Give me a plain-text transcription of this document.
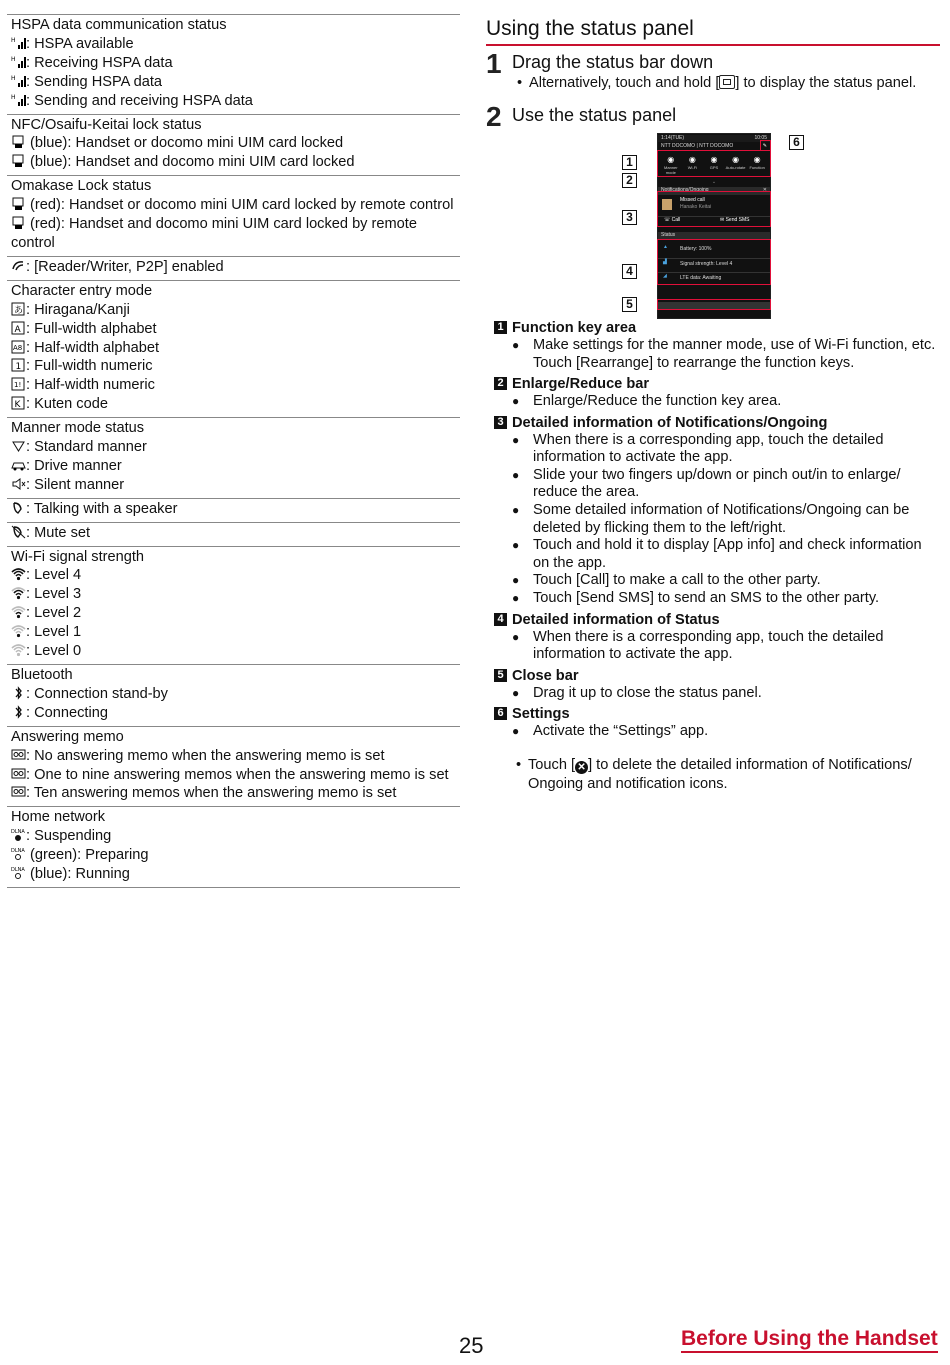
HSPA data communication status
H : HSPA available
H : Receiving HSPA data
H : Sending HSPA data
H : Sending and receiving HSPA data
NFC/Osaifu-Keitai lock status
(blue): Handset or docomo mini UIM card locked
(blue): Handset and docomo mini UIM card locked
Omakase Lock status
(red): Handset or docomo mini UIM card locked by remote control
(red): Handset and docomo mini UIM card locked by remote control
: [Reader/Writer, P2P] enabled
Character entry mode
あ : Hiragana/Kanji
A : Full-width alphabet
A8 : Half-width alphabet
1 : Full-width numeric
1! : Half-width numeric
K : Kuten code
Manner mode status
: Standard manner
: Drive manner
: Silent manner
: Talking with a speaker
: Mute set
Wi-Fi signal strength
: Level 4
: Level 3
: Level 2
: Level 1
: Level 0
Bluetooth
: Connection stand-by
: Connecting
Answering memo
: No answering memo when the answering memo is set
: One to nine answering memos when the answering memo is set
: Ten answering memos when the answering memo is set
Home network
DLNA : Suspending
DLNA (green): Preparing
DLNA (blue): Running
Using the status panel
1 Drag the status bar down
• Alternatively, touch and hold [ ] to display the status panel.
2 Use the status panel
1:14(TUE)	10:05
NTT DOCOMO | NTT DOCOMO	✎
◉
Manner mode
◉
Wi-Fi
◉
GPS
◉
Auto-rotate
◉
Function
⌄
Notifications/Ongoing	✕
Missed call
Hanako Keitai
☏ Call	✉ Send SMS
Status
▲ Battery: 100%
▟	Signal strength: Level 4
◢	LTE data: Awaiting
1
2
3
4
5
6
1 Function key area
● Make settings for the manner mode, use of Wi-Fi function, etc. Touch [Rearrange] to rearrange the function keys.
2 Enlarge/Reduce bar
● Enlarge/Reduce the function key area.
3 Detailed information of Notifications/Ongoing
● When there is a corresponding app, touch the detailed information to activate the app.
● Slide your two fingers up/down or pinch out/in to enlarge/ reduce the area.
● Some detailed information of Notifications/Ongoing can be deleted by flicking them to the left/right.
● Touch and hold it to display [App info] and check information on the app.
● Touch [Call] to make a call to the other party.
● Touch [Send SMS] to send an SMS to the other party.
4 Detailed information of Status
● When there is a corresponding app, touch the detailed information to activate the app.
5 Close bar
● Drag it up to close the status panel.
6 Settings
● Activate the “Settings” app.
• Touch [ ✕ ] to delete the detailed information of Notifications/ Ongoing and notification icons.
25	Before Using the Handset
